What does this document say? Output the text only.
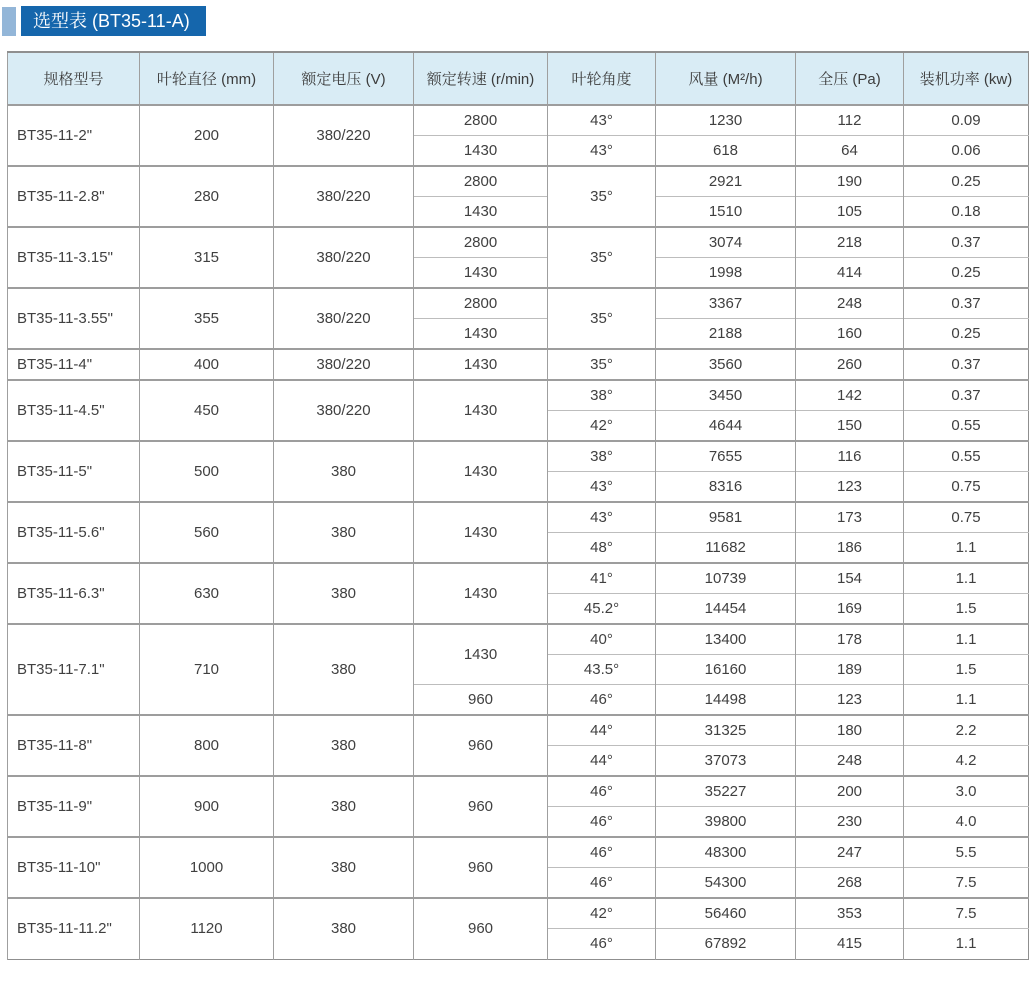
选型表 (BT35-11-A)
规格型号	叶轮直径 (mm)	额定电压 (V)	额定转速 (r/min)	叶轮角度	风量 (M²/h)	全压 (Pa)	装机功率 (kw)
BT35-11-2"	200	380/220	2800	43°	1230	112	0.09
			1430	43°	618	64	0.06
BT35-11-2.8"	280	380/220	2800	35°	2921	190	0.25
			1430		1510	105	0.18
BT35-11-3.15"	315	380/220	2800	35°	3074	218	0.37
			1430		1998	414	0.25
BT35-11-3.55"	355	380/220	2800	35°	3367	248	0.37
			1430		2188	160	0.25
BT35-11-4"	400	380/220	1430	35°	3560	260	0.37
BT35-11-4.5"	450	380/220	1430	38°	3450	142	0.37
				42°	4644	150	0.55
BT35-11-5"	500	380	1430	38°	7655	116	0.55
				43°	8316	123	0.75
BT35-11-5.6"	560	380	1430	43°	9581	173	0.75
				48°	11682	186	1.1
BT35-11-6.3"	630	380	1430	41°	10739	154	1.1
				45.2°	14454	169	1.5
BT35-11-7.1"	710	380	1430	40°	13400	178	1.1
				43.5°	16160	189	1.5
			960	46°	14498	123	1.1
BT35-11-8"	800	380	960	44°	31325	180	2.2
				44°	37073	248	4.2
BT35-11-9"	900	380	960	46°	35227	200	3.0
				46°	39800	230	4.0
BT35-11-10"	1000	380	960	46°	48300	247	5.5
				46°	54300	268	7.5
BT35-11-11.2"	1120	380	960	42°	56460	353	7.5
				46°	67892	415	1.1
